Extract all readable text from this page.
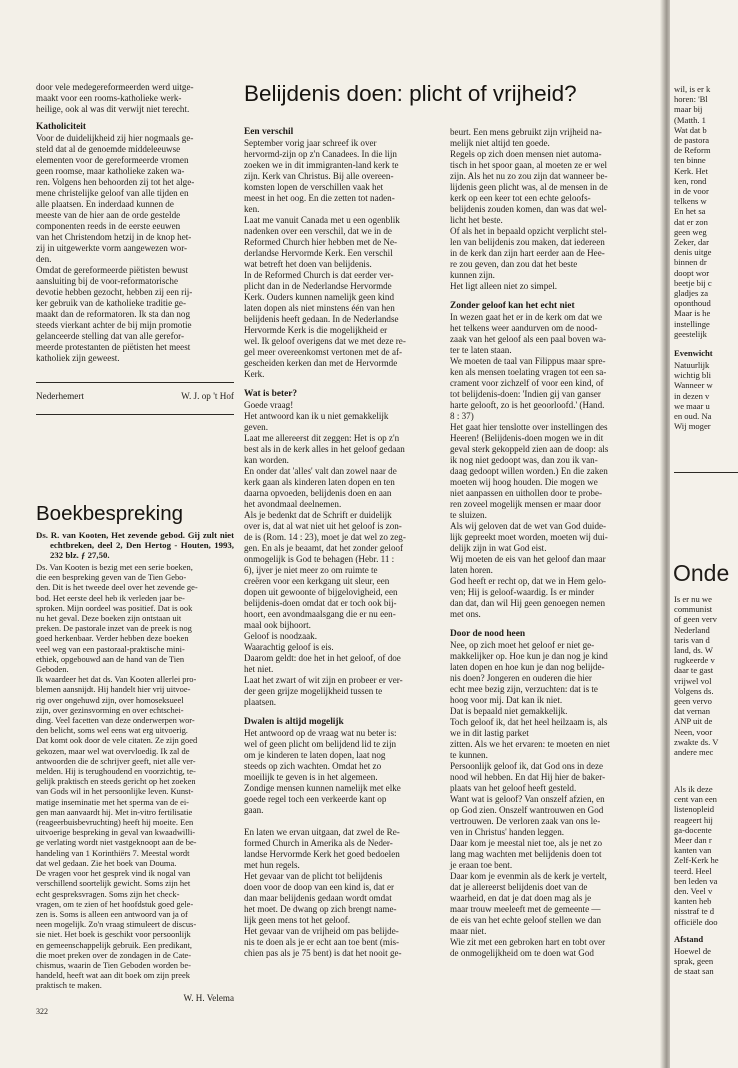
door vele medegereformeerden werd uitge-
maakt voor een rooms-katholieke werk-
heilige, ook al was dit verwijt niet terecht.
Katholiciteit
Voor de duidelijkheid zij hier nogmaals ge-
steld dat al de genoemde middeleeuwse
elementen voor de gereformeerde vromen
geen roomse, maar katholieke zaken wa-
ren. Volgens hen behoorden zij tot het alge-
mene christelijke geloof van alle tijden en
alle plaatsen. En inderdaad kunnen de
meeste van de hier aan de orde gestelde
componenten reeds in de eerste eeuwen
van het Christendom hetzij in de knop het-
zij in uitgewerkte vorm aangewezen wor-
den.
Omdat de gereformeerde piëtisten bewust
aansluiting bij de voor-reformatorische
devotie hebben gezocht, hebben zij een rij-
ker gebruik van de katholieke traditie ge-
maakt dan de reformatoren. Ik sta dan nog
steeds vierkant achter de bij mijn promotie
gelanceerde stelling dat van alle gerefor-
meerde protestanten de piëtisten het meest
katholiek zijn geweest.
Nederhemert	W. J. op 't Hof
Boekbespreking
Ds. R. van Kooten, Het zevende gebod. Gij zult niet echtbreken, deel 2, Den Hertog - Houten, 1993, 232 blz. ƒ 27,50.
Ds. Van Kooten is bezig met een serie boeken,
die een bespreking geven van de Tien Gebo-
den. Dit is het tweede deel over het zevende ge-
bod. Het eerste deel heb ik verleden jaar be-
sproken. Mijn oordeel was positief. Dat is ook
nu het geval. Deze boeken zijn ontstaan uit
preken. De pastorale inzet van de preek is nog
goed herkenbaar. Verder hebben deze boeken
veel weg van een pastoraal-praktische mini-
ethiek, opgebouwd aan de hand van de Tien
Geboden.
Ik waardeer het dat ds. Van Kooten allerlei pro-
blemen aansnijdt. Hij handelt hier vrij uitvoe-
rig over ongehuwd zijn, over homoseksueel
zijn, over gezinsvorming en over echtschei-
ding. Veel facetten van deze onderwerpen wor-
den belicht, soms wel eens wat erg uitvoerig.
Dat komt ook door de vele citaten. Ze zijn goed
gekozen, maar wel wat overvloedig. Ik zal de
antwoorden die de schrijver geeft, niet alle ver-
melden. Hij is terughoudend en voorzichtig, te-
gelijk praktisch en steeds gericht op het zoeken
van Gods wil in het persoonlijke leven. Kunst-
matige inseminatie met het sperma van de ei-
gen man aanvaardt hij. Met in-vitro fertilisatie
(reageerbuisbevruchting) heeft hij moeite. Een
uitvoerige bespreking in geval van kwaadwilli-
ge verlating wordt niet vastgeknoopt aan de be-
handeling van 1 Korinthiërs 7. Meestal wordt
dat wel gedaan. Zie het boek van Douma.
De vragen voor het gesprek vind ik nogal van
verschillend soortelijk gewicht. Soms zijn het
echt gespreksvragen. Soms zijn het check-
vragen, om te zien of het hoofdstuk goed gele-
zen is. Soms is alleen een antwoord van ja of
neen mogelijk. Zo'n vraag stimuleert de discus-
sie niet. Het boek is geschikt voor persoonlijk
en gemeenschappelijk gebruik. Een predikant,
die moet preken over de zondagen in de Cate-
chismus, waarin de Tien Geboden worden be-
handeld, heeft wat aan dit boek om zijn preek
praktisch te maken.
W. H. Velema
322
Belijdenis doen: plicht of vrijheid?
Een verschil
September vorig jaar schreef ik over
hervormd-zijn op z'n Canadees. In die lijn
zoeken we in dit immigranten-land kerk te
zijn. Kerk van Christus. Bij alle overeen-
komsten lopen de verschillen vaak het
meest in het oog. En die zetten tot naden-
ken.
Laat me vanuit Canada met u een ogenblik
nadenken over een verschil, dat we in de
Reformed Church hier hebben met de Ne-
derlandse Hervormde Kerk. Een verschil
wat betreft het doen van belijdenis.
In de Reformed Church is dat eerder ver-
plicht dan in de Nederlandse Hervormde
Kerk. Ouders kunnen namelijk geen kind
laten dopen als niet minstens één van hen
belijdenis heeft gedaan. In de Nederlandse
Hervormde Kerk is die mogelijkheid er
wel. Ik geloof overigens dat we met deze re-
gel meer overeenkomst vertonen met de af-
gescheiden kerken dan met de Hervormde
Kerk.
Wat is beter?
Goede vraag!
Het antwoord kan ik u niet gemakkelijk
geven.
Laat me allereerst dit zeggen: Het is op z'n
best als in de kerk alles in het geloof gedaan
kan worden.
En onder dat 'alles' valt dan zowel naar de
kerk gaan als kinderen laten dopen en ten
daarna opvoeden, belijdenis doen en aan
het avondmaal deelnemen.
Als je bedenkt dat de Schrift er duidelijk
over is, dat al wat niet uit het geloof is zon-
de is (Rom. 14 : 23), moet je dat wel zo zeg-
gen. En als je beaamt, dat het zonder geloof
onmogelijk is God te behagen (Hebr. 11 :
6), ijver je niet meer zo om ruimte te
creëren voor een kerkgang uit sleur, een
dopen uit gewoonte of bijgelovigheid, een
belijdenis-doen omdat dat er toch ook bij-
hoort, een avondmaalsgang die er nu een-
maal ook bijhoort.
Geloof is noodzaak.
Waarachtig geloof is eis.
Daarom geldt: doe het in het geloof, of doe
het niet.
Laat het zwart of wit zijn en probeer er ver-
der geen grijze mogelijkheid tussen te
plaatsen.
Dwalen is altijd mogelijk
Het antwoord op de vraag wat nu beter is:
wel of geen plicht om belijdend lid te zijn
om je kinderen te laten dopen, laat nog
steeds op zich wachten. Omdat het zo
moeilijk te geven is in het algemeen.
Zondige mensen kunnen namelijk met elke
goede regel toch een verkeerde kant op
gaan.

En laten we ervan uitgaan, dat zwel de Re-
formed Church in Amerika als de Neder-
landse Hervormde Kerk het goed bedoelen
met hun regels.
Het gevaar van de plicht tot belijdenis
doen voor de doop van een kind is, dat er
dan maar belijdenis gedaan wordt omdat
het moet. De dwang op zich brengt name-
lijk geen mens tot het geloof.
Het gevaar van de vrijheid om pas belijde-
nis te doen als je er echt aan toe bent (mis-
chien pas als je 75 bent) is dat het nooit ge-
beurt. Een mens gebruikt zijn vrijheid na-
melijk niet altijd ten goede.
Regels op zich doen mensen niet automa-
tisch in het spoor gaan, al moeten ze er wel
zijn. Als het nu zo zou zijn dat wanneer be-
lijdenis geen plicht was, al de mensen in de
kerk op een keer tot een echte geloofs-
belijdenis zouden komen, dan was dat wel-
licht het beste.
Of als het in bepaald opzicht verplicht stel-
len van belijdenis zou maken, dat iedereen
in de kerk dan zijn hart eerder aan de Hee-
re zou geven, dan zou dat het beste
kunnen zijn.
Het ligt alleen niet zo simpel.
Zonder geloof kan het echt niet
In wezen gaat het er in de kerk om dat we
het telkens weer aandurven om de nood-
zaak van het geloof als een paal boven wa-
ter te laten staan.
We moeten de taal van Filippus maar spre-
ken als mensen toelating vragen tot een sa-
crament voor zichzelf of voor een kind, of
tot belijdenis-doen: 'Indien gij van ganser
harte gelooft, zo is het geoorloofd.' (Hand.
8 : 37)
Het gaat hier tenslotte over instellingen des
Heeren! (Belijdenis-doen mogen we in dit
geval sterk gekoppeld zien aan de doop: als
ik nog niet gedoopt was, dan zou ik van-
daag gedoopt willen worden.) En die zaken
moeten wij hoog houden. Die mogen we
niet aanpassen en uithollen door te probe-
ren zoveel mogelijk mensen er maar door
te sluizen.
Als wij geloven dat de wet van God duide-
lijk gepreekt moet worden, moeten wij dui-
delijk zijn in wat God eist.
Wij moeten de eis van het geloof dan maar
laten horen.
God heeft er recht op, dat we in Hem gelo-
ven; Hij is geloof-waardig. Is er minder
dan dat, dan wil Hij geen genoegen nemen
met ons.
Door de nood heen
Nee, op zich moet het geloof er niet ge-
makkelijker op. Hoe kun je dan nog je kind
laten dopen en hoe kun je dan nog belijde-
nis doen? Jongeren en ouderen die hier
echt mee bezig zijn, verzuchten: dat is te
hoog voor mij. Dat kan ik niet.
Dat is bepaald niet gemakkelijk.
Toch geloof ik, dat het heel heilzaam is, als
we in dit lastig parket
zitten. Als we het ervaren: te moeten en niet
te kunnen.
Persoonlijk geloof ik, dat God ons in deze
nood wil hebben. En dat Hij hier de baker-
plaats van het geloof heeft gesteld.
Want wat is geloof? Van onszelf afzien, en
op God zien. Onszelf wantrouwen en God
vertrouwen. De verloren zaak van ons le-
ven in Christus' handen leggen.
Daar kom je meestal niet toe, als je net zo
lang mag wachten met belijdenis doen tot
je eraan toe bent.
Daar kom je evenmin als de kerk je vertelt,
dat je allereerst belijdenis doet van de
waarheid, en dat je dat doen mag als je
maar trouw meeleeft met de gemeente —
de eis van het echte geloof stellen we dan
maar niet.
Wie zit met een gebroken hart en tobt over
de onmogelijkheid om te doen wat God
wil, is er k
horen: 'Bl
maar bij
(Matth. 1
Wat dat b
de pastora
de Reform
ten binne
Kerk. Het
ken, rond
in de voor
telkens w
En het sa
dat er zon
geen weg
Zeker, dar
denis uitge
binnen dr
doopt wor
beetje bij c
gladjes za
oponthoud
Maar is he
instellinge
geestelijk
Evenwicht
Natuurlijk
wichtig bli
Wanneer w
in dezen v
we maar u
en oud. Na
Wij moger
Onde
Is er nu we
communist
of geen verv
Nederland
taris van d
land, ds. W
rugkeerde v
daar te gast
vrijwel vol
Volgens ds.
geen vervo
dat vernan
ANP uit de
Neen, voor
zwakte ds. V
andere mec
Als ik deze
cent van een
listenopleid
reageert hij
ga-docente
Meer dan r
kanten van
Zelf-Kerk he
teerd. Heel
ben leden va
den. Veel v
kanten heb
nisstraf te d
officiële doo
Afstand
Hoewel de
sprak, geen
de staat san
